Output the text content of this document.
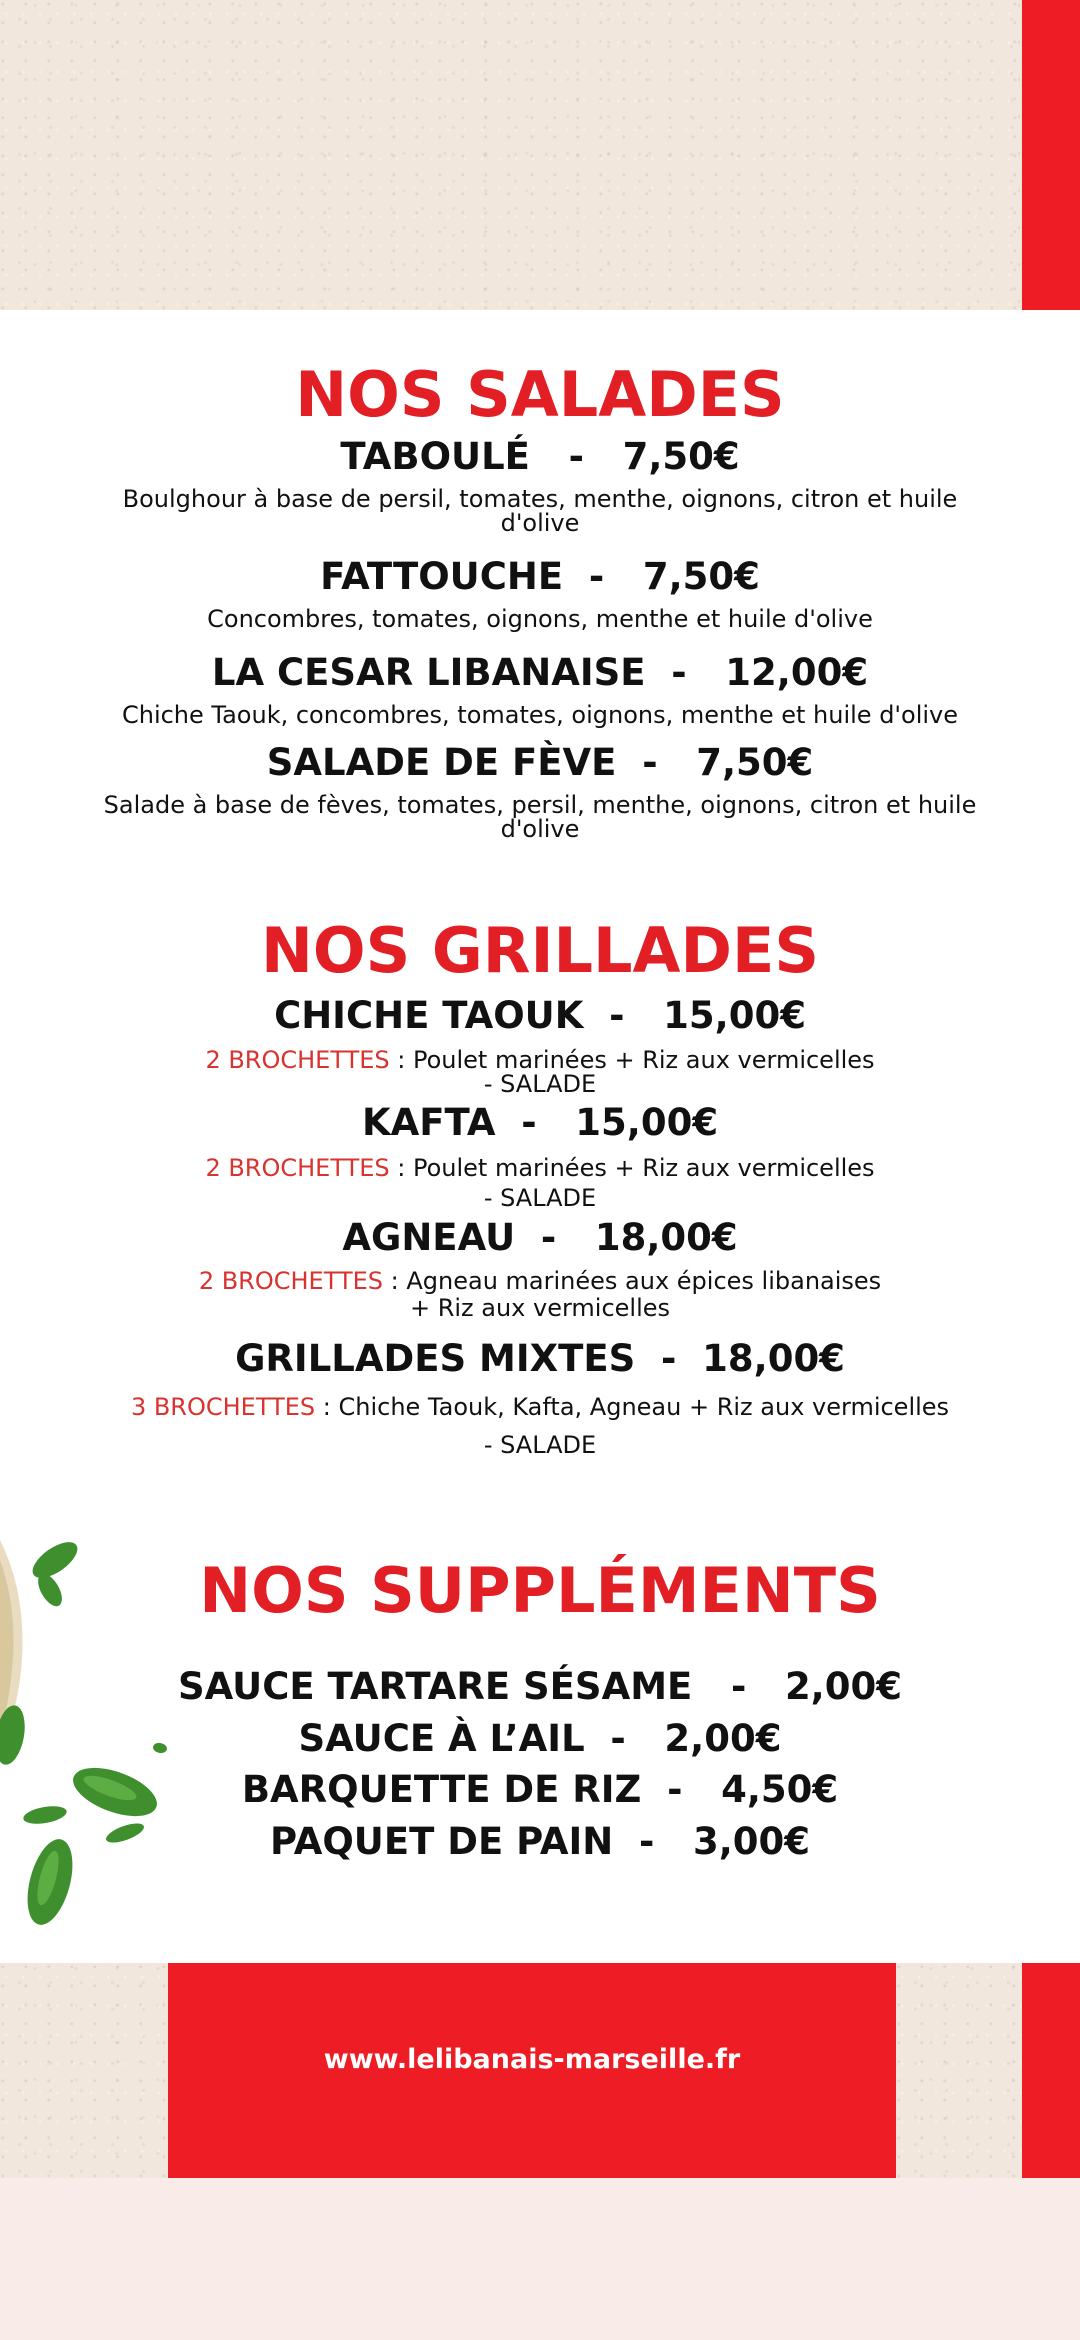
NOS SALADES
TABOULÉ   -   7,50€

Boulghour à base de persil, tomates, menthe, oignons, citron et huile
d'olive

FATTOUCHE  -   7,50€

Concombres, tomates, oignons, menthe et huile d'olive

LA CESAR LIBANAISE  -   12,00€

Chiche Taouk, concombres, tomates, oignons, menthe et huile d'olive

SALADE DE FÈVE  -   7,50€

Salade à base de fèves, tomates, persil, menthe, oignons, citron et huile
d'olive

NOS GRILLADES
CHICHE TAOUK  -   15,00€

2 BROCHETTES : Poulet marinées + Riz aux vermicelles
- SALADE

KAFTA  -   15,00€

2 BROCHETTES : Poulet marinées + Riz aux vermicelles
- SALADE

AGNEAU  -   18,00€

2 BROCHETTES : Agneau marinées aux épices libanaises
+ Riz aux vermicelles

GRILLADES MIXTES  -  18,00€

3 BROCHETTES : Chiche Taouk, Kafta, Agneau + Riz aux vermicelles
- SALADE

NOS SUPPLÉMENTS
SAUCE TARTARE SÉSAME   -   2,00€
SAUCE À L’AIL  -   2,00€
BARQUETTE DE RIZ  -   4,50€
PAQUET DE PAIN  -   3,00€
www.lelibanais-marseille.fr
